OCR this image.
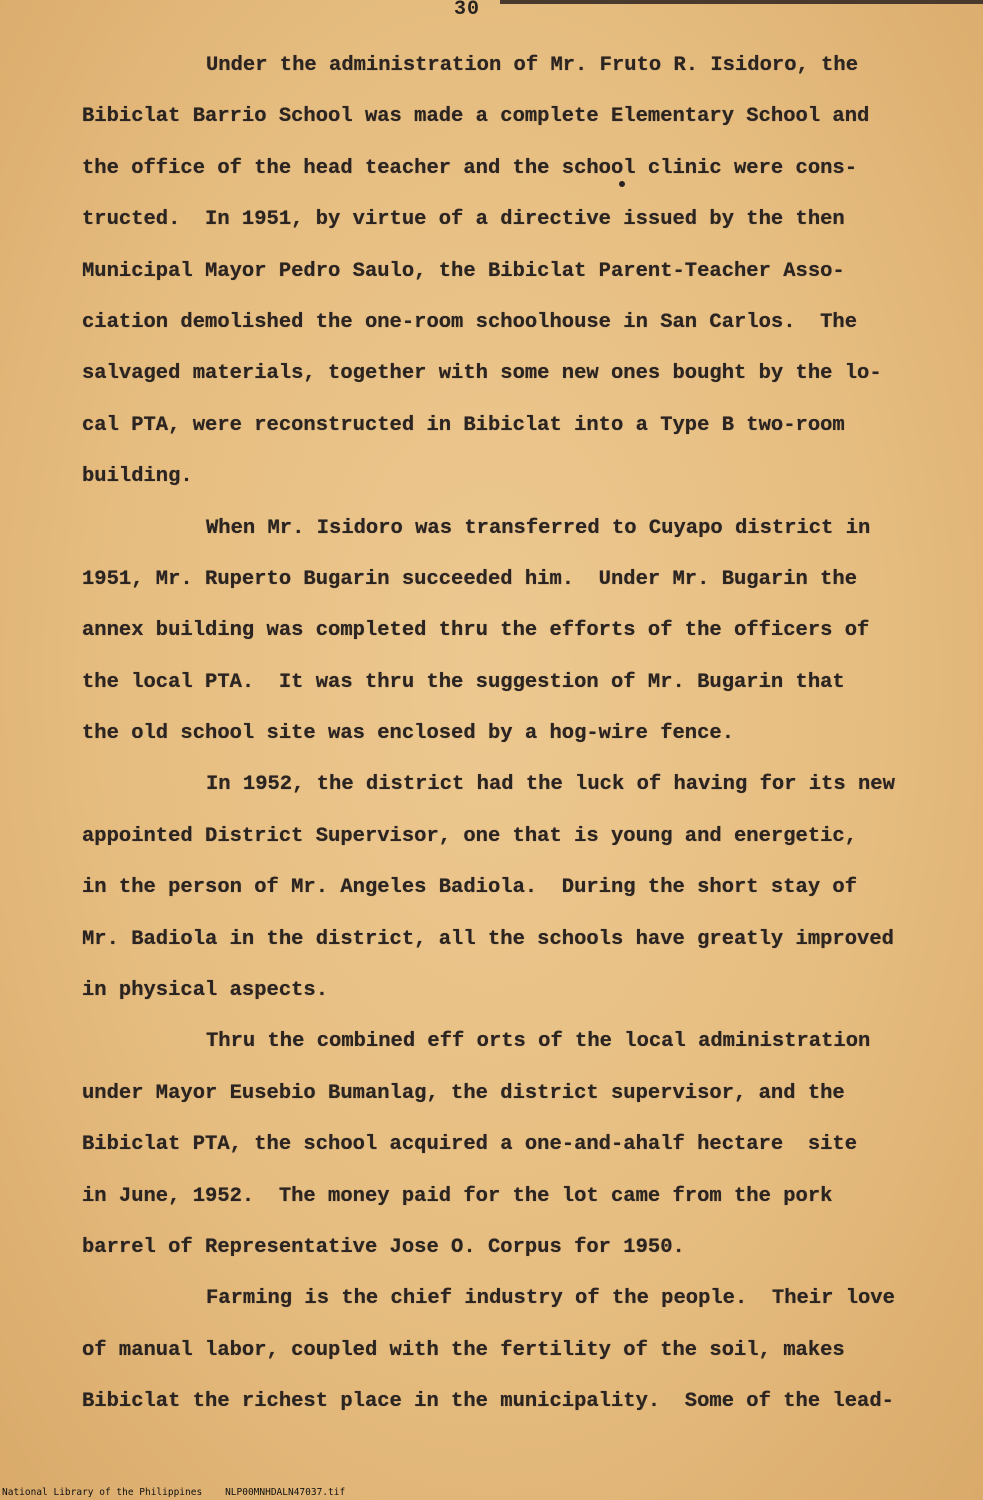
30
Under the administration of Mr. Fruto R. Isidoro, the
Bibiclat Barrio School was made a complete Elementary School and
the office of the head teacher and the school clinic were cons-
tructed.  In 1951, by virtue of a directive issued by the then
Municipal Mayor Pedro Saulo, the Bibiclat Parent-Teacher Asso-
ciation demolished the one-room schoolhouse in San Carlos.  The
salvaged materials, together with some new ones bought by the lo-
cal PTA, were reconstructed in Bibiclat into a Type B two-room
building.
When Mr. Isidoro was transferred to Cuyapo district in
1951, Mr. Ruperto Bugarin succeeded him.  Under Mr. Bugarin the
annex building was completed thru the efforts of the officers of
the local PTA.  It was thru the suggestion of Mr. Bugarin that
the old school site was enclosed by a hog-wire fence.
In 1952, the district had the luck of having for its new
appointed District Supervisor, one that is young and energetic,
in the person of Mr. Angeles Badiola.  During the short stay of
Mr. Badiola in the district, all the schools have greatly improved
in physical aspects.
Thru the combined eff orts of the local administration
under Mayor Eusebio Bumanlag, the district supervisor, and the
Bibiclat PTA, the school acquired a one-and-ahalf hectare  site
in June, 1952.  The money paid for the lot came from the pork
barrel of Representative Jose O. Corpus for 1950.
Farming is the chief industry of the people.  Their love
of manual labor, coupled with the fertility of the soil, makes
Bibiclat the richest place in the municipality.  Some of the lead-
National Library of the Philippines NLP00MNHDALN47037.tif
